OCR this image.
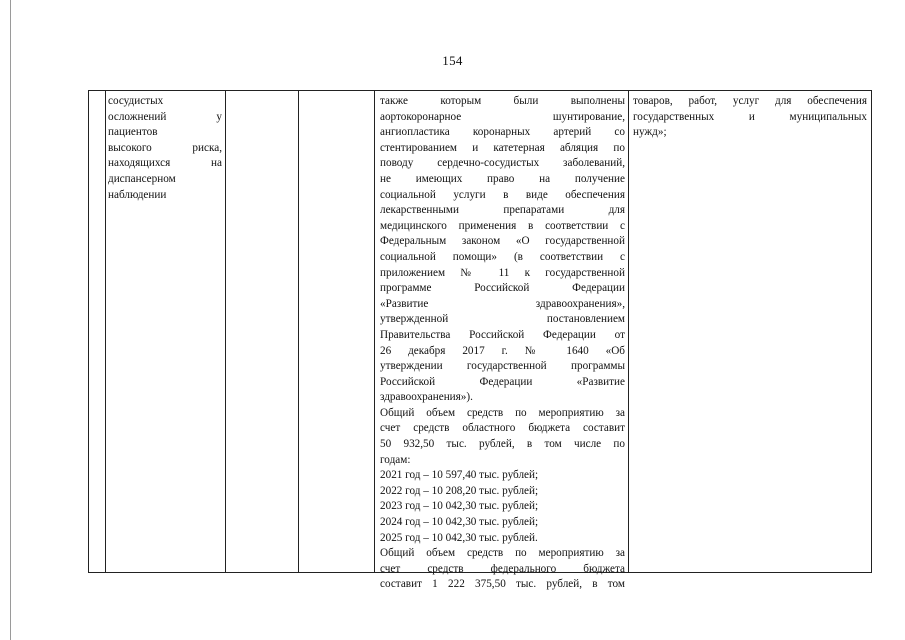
154
сосудистых
осложнений у
пациентов
высокого риска,
находящихся на
диспансерном
наблюдении
также которым были выполнены
аортокоронарное шунтирование,
ангиопластика коронарных артерий со
стентированием и катетерная абляция по
поводу сердечно-сосудистых заболеваний,
не имеющих право на получение
социальной услуги в виде обеспечения
лекарственными препаратами для
медицинского применения в соответствии с
Федеральным законом «О государственной
социальной помощи» (в соответствии с
приложением № 11 к государственной
программе Российской Федерации
«Развитие здравоохранения»,
утвержденной постановлением
Правительства Российской Федерации от
26 декабря 2017 г. № 1640 «Об
утверждении государственной программы
Российской Федерации «Развитие
здравоохранения»).
Общий объем средств по мероприятию за
счет средств областного бюджета составит
50 932,50 тыс. рублей, в том числе по
годам:
2021 год – 10 597,40 тыс. рублей;
2022 год – 10 208,20 тыс. рублей;
2023 год – 10 042,30 тыс. рублей;
2024 год – 10 042,30 тыс. рублей;
2025 год – 10 042,30 тыс. рублей.
Общий объем средств по мероприятию за
счет средств федерального бюджета
составит 1 222 375,50 тыс. рублей, в том
товаров, работ, услуг для обеспечения
государственных и муниципальных
нужд»;
